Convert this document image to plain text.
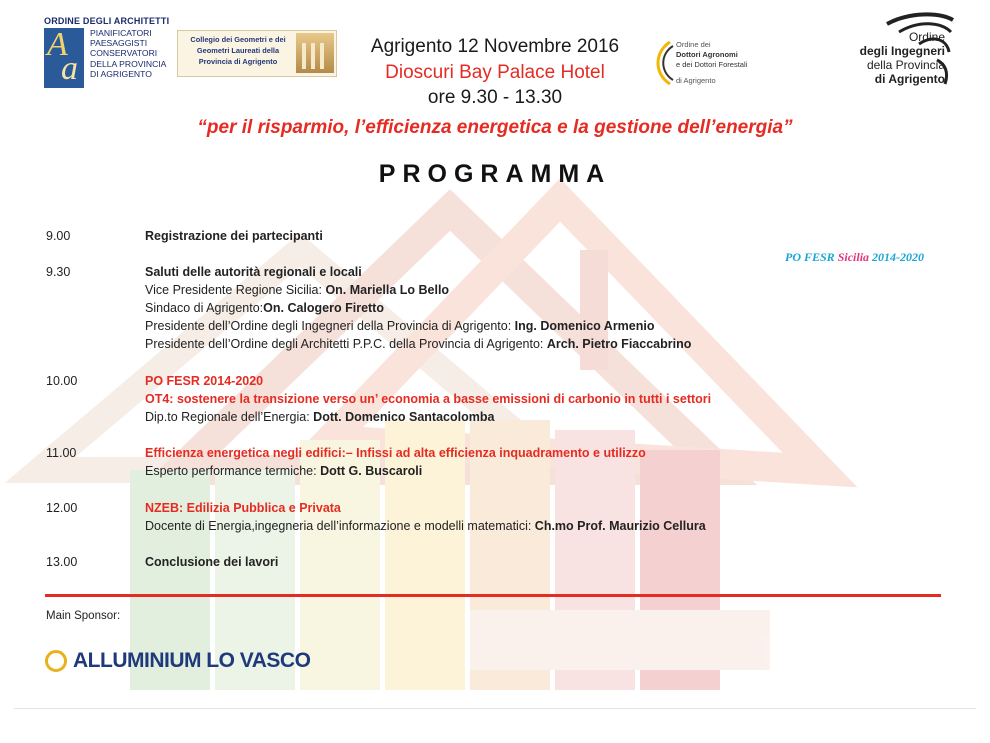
ORDINE DEGLI ARCHITETTI
A
a
PIANIFICATORI
PAESAGGISTI
CONSERVATORI
DELLA PROVINCIA
DI AGRIGENTO
Collegio dei Geometri e dei Geometri Laureati della Provincia di Agrigento
Agrigento 12 Novembre 2016
Dioscuri Bay Palace Hotel
ore 9.30 - 13.30
Ordine dei
Dottori Agronomi
e dei Dottori Forestali
di Agrigento
Ordine
degli Ingegneri
della Provincia
di Agrigento
“per il risparmio, l’efficienza energetica e la gestione dell’energia”
PROGRAMMA
PO FESR Sicilia 2014-2020
9.00	Registrazione dei partecipanti
9.30	Saluti delle autorità regionali e locali
Vice Presidente Regione Sicilia: On. Mariella Lo Bello
Sindaco di Agrigento:On. Calogero Firetto
Presidente dell’Ordine degli Ingegneri della Provincia di Agrigento: Ing. Domenico Armenio
Presidente dell’Ordine degli Architetti P.P.C. della Provincia di Agrigento: Arch. Pietro Fiaccabrino
10.00	PO FESR 2014-2020
OT4: sostenere la transizione verso un’ economia a basse emissioni di carbonio in tutti i settori
Dip.to Regionale dell’Energia: Dott. Domenico Santacolomba
11.00	Efficienza energetica negli edifici:– Infissi ad alta efficienza inquadramento e utilizzo
Esperto performance termiche: Dott G. Buscaroli
12.00	NZEB: Edilizia Pubblica e Privata
Docente di Energia,ingegneria dell’informazione e modelli matematici: Ch.mo Prof. Maurizio Cellura
13.00	Conclusione dei lavori
Main Sponsor:
ALLUMINIUM LO VASCO
